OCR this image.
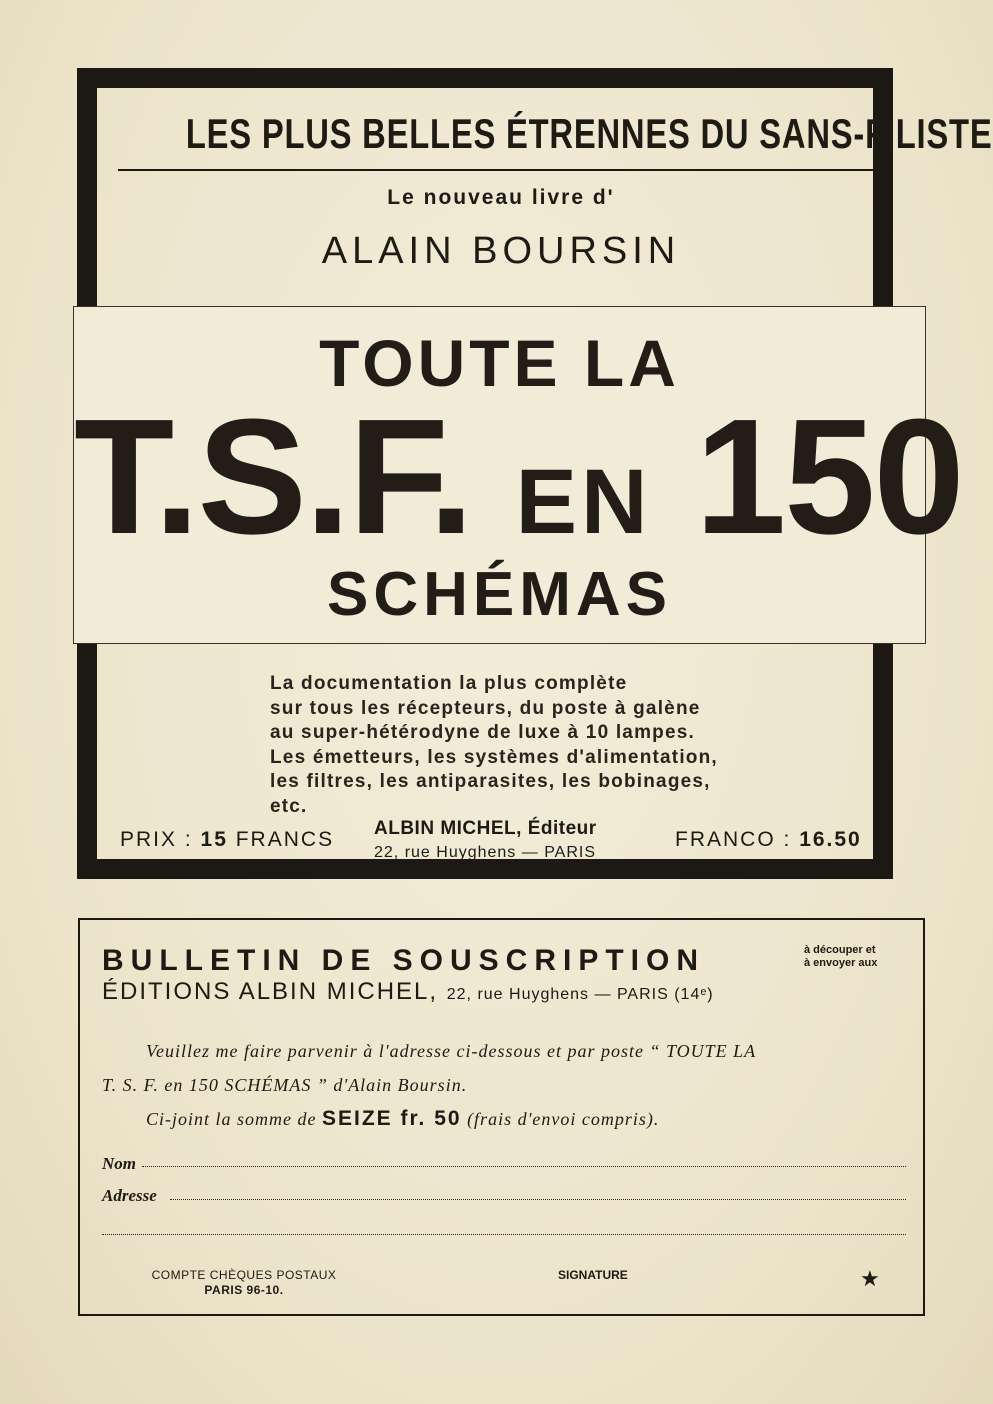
LES PLUS BELLES ÉTRENNES DU SANS-FILISTE
Le nouveau livre d'
ALAIN BOURSIN
TOUTE LA
T.S.F. EN 150
SCHÉMAS
La documentation la plus complète
sur tous les récepteurs, du poste à galène
au super-hétérodyne de luxe à 10 lampes.
Les émetteurs, les systèmes d'alimentation,
les filtres, les antiparasites, les bobinages, etc.
PRIX : 15 FRANCS ALBIN MICHEL, Éditeur
22, rue Huyghens — PARIS
FRANCO : 16.50
BULLETIN DE SOUSCRIPTION	à découper et
à envoyer aux
ÉDITIONS ALBIN MICHEL, 22, rue Huyghens — PARIS (14ᵉ)
Veuillez me faire parvenir à l'adresse ci-dessous et par poste “ TOUTE LA
T. S. F. en 150 SCHÉMAS ” d'Alain Boursin.
Ci-joint la somme de SEIZE fr. 50 (frais d'envoi compris).
Nom
Adresse
COMPTE CHÈQUES POSTAUX
PARIS 96-10.
SIGNATURE	★
